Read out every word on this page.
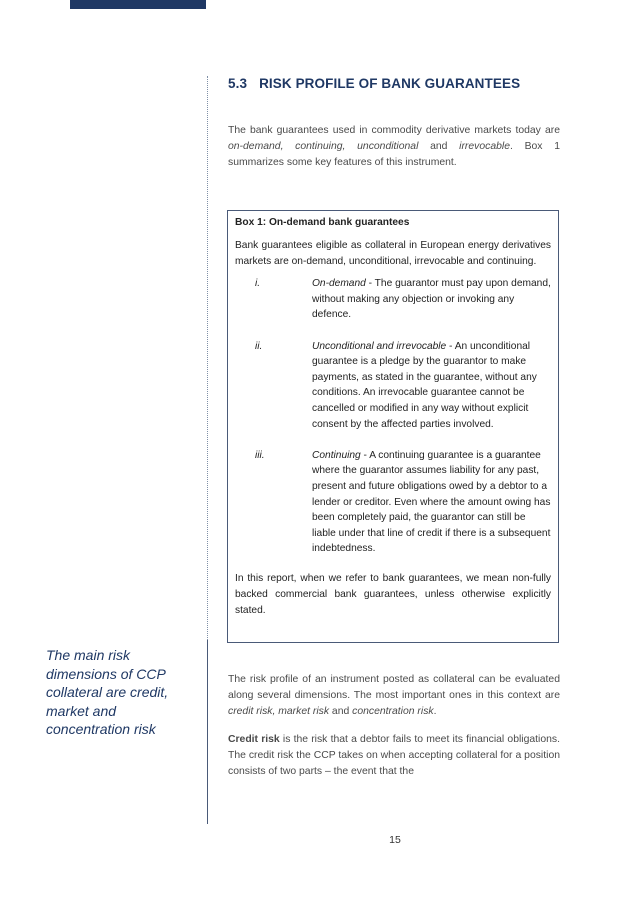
5.3 RISK PROFILE OF BANK GUARANTEES
The bank guarantees used in commodity derivative markets today are on-demand, continuing, unconditional and irrevocable. Box 1 summarizes some key features of this instrument.
Box 1: On-demand bank guarantees
Bank guarantees eligible as collateral in European energy derivatives markets are on-demand, unconditional, irrevocable and continuing.
i.	On-demand - The guarantor must pay upon demand, without making any objection or invoking any defence.
ii.	Unconditional and irrevocable - An unconditional guarantee is a pledge by the guarantor to make payments, as stated in the guarantee, without any conditions. An irrevocable guarantee cannot be cancelled or modified in any way without explicit consent by the affected parties involved.
iii.	Continuing - A continuing guarantee is a guarantee where the guarantor assumes liability for any past, present and future obligations owed by a debtor to a lender or creditor. Even where the amount owing has been completely paid, the guarantor can still be liable under that line of credit if there is a subsequent indebtedness.
In this report, when we refer to bank guarantees, we mean non-fully backed commercial bank guarantees, unless otherwise explicitly stated.
The main risk dimensions of CCP collateral are credit, market and concentration risk
The risk profile of an instrument posted as collateral can be evaluated along several dimensions. The most important ones in this context are credit risk, market risk and concentration risk.
Credit risk is the risk that a debtor fails to meet its financial obligations. The credit risk the CCP takes on when accepting collateral for a position consists of two parts – the event that the
15
